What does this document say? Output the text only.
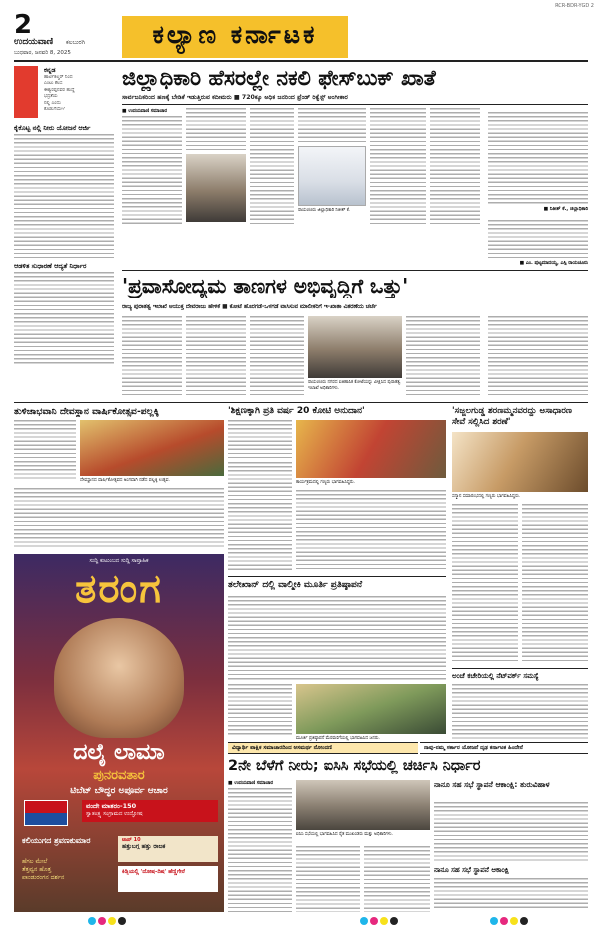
RCR-BDR-YGD 2
2
ಉದಯವಾಣಿ ಕಲಬುರಗಿ
ಬುಧವಾರ, ಜನವರಿ 8, 2025
ಕಲ್ಯಾಣ ಕರ್ನಾಟಕ
ಕನ್ನಡ
ಹಾರ್ಟಿಕಲ್ಚರ್ ನಿಂದ
ಎಂಟು ಕೆಲಸ
ಈಶ್ವರಪ್ಪನವರ ಹುದ್ದೆ
ಭದ್ರತೆಯ
ನಲ್ಲಿ ಎಂದು
ಕೊಡುಗೆಯೇ?
ಜಿಲ್ಲಾಧಿಕಾರಿ ಹೆಸರಲ್ಲೇ ನಕಲಿ ಫೇಸ್‌ಬುಕ್ ಖಾತೆ
ಸಾರ್ವಜನಿಕರಿಂದ ಹಣಕ್ಕೆ ಬೇಡಿಕೆ ಇಡುತ್ತಿರುವ ಕದೀಮರು ■ 720ಕ್ಕೂ ಅಧಿಕ ಜನರಿಂದ ಫ್ರೆಂಡ್ ರಿಕ್ವೆಸ್ಟ್ ಅಂಗೀಕಾರ
ಕೈಕೊಟ್ಟ ನಲ್ಲಿ ನೀರು ಯೋಜನೆ ಆರ್ಜಿ
ಆಡಳಿತ ಸುಧಾರಣೆ ಆದ್ಯತೆ ನಿರ್ಧಾರ
■ ಉದಯವಾಣಿ ಸಮಾಚಾರ
ರಾಯಚೂರು ಜಿಲ್ಲಾಧಿಕಾರಿ ನಿತೀಶ್ ಕೆ.	■ ನಿತೀಶ್ ಕೆ., ಜಿಲ್ಲಾಧಿಕಾರಿ
■ ಎಂ. ಪುಟ್ಟಮಾದಯ್ಯ, ಎಸ್ಪಿ ರಾಯಚೂರು
'ಪ್ರವಾಸೋದ್ಯಮ ತಾಣಗಳ ಅಭಿವೃದ್ಧಿಗೆ ಒತ್ತು'
ರಾಜ್ಯ ಪುರಾತತ್ವ ಇಲಾಖೆ ಆಯುಕ್ತ ದೇವರಾಜು ಹೇಳಿಕೆ ■ ಕೋಟೆ ಹೊರಗಡೆ-ಒಳಗಡೆ ವಾಸಿಸುವ ಮಾಲೀಕರಿಗೆ ಇ-ಖಾತಾ ವಿತರಣೆಯ ಚರ್ಚೆ
ರಾಯಚೂರು ನಗರದ ಐತಿಹಾಸಿಕ ಕೋಟೆಯನ್ನು ವೀಕ್ಷಿಸಿದ ಪುರಾತತ್ವ ಇಲಾಖೆ ಅಧಿಕಾರಿಗಳು.
ತುಳಿಜಾಭವಾನಿ ದೇವಸ್ಥಾನ ವಾರ್ಷಿಕೋತ್ಸವ-ಪಲ್ಲಕ್ಕಿ
ದೇವಸ್ಥಾನದ ವಾರ್ಷಿಕೋತ್ಸವದ ಅಂಗವಾಗಿ ನಡೆದ ಪಲ್ಲಕ್ಕಿ ಉತ್ಸವ.
'ಶಿಕ್ಷಣಕ್ಕಾಗಿ ಪ್ರತಿ ವರ್ಷ 20 ಕೋಟಿ ಅನುದಾನ'
ಕಾರ್ಯಕ್ರಮದಲ್ಲಿ ಗಣ್ಯರು ಭಾಗವಹಿಸಿದ್ದರು.
'ಸಜ್ಜಲಗುಡ್ಡ ಶರಣಮ್ಮನವರದ್ದು ಅಸಾಧಾರಣ ಸೇವೆ ಸಲ್ಲಿಸಿದ ಶರಣೆ'
ಸನ್ಮಾನ ಸಮಾರಂಭದಲ್ಲಿ ಗಣ್ಯರು ಭಾಗವಹಿಸಿದ್ದರು.
ತಲೇಖಾನ್ ದಲ್ಲಿ ವಾಲ್ಮೀಕಿ ಮೂರ್ತಿ ಪ್ರತಿಷ್ಠಾಪನೆ
ಮೂರ್ತಿ ಪ್ರತಿಷ್ಠಾಪನೆ ಮೆರವಣಿಗೆಯಲ್ಲಿ ಭಾಗವಹಿಸಿದ ಜನರು.
ಅಂಚೆ ಕಚೇರಿಯಲ್ಲಿ ನೆಟ್‌ವರ್ಕ್ ಸಮಸ್ಯೆ
ಸುದ್ದಿ ಕುಟುಂಬದ ಸುದ್ದಿ ಸಾಪ್ತಾಹಿಕ
ತರಂಗ
ದಲೈ ಲಾಮಾ
ಪುನರವತಾರ
ಟಿಬೆಟ್ ಬೌದ್ಧರ ಅಪೂರ್ವ ಆಚಾರ
ವಂದೇ ಮಾತರಂ-150
ಸ್ವಾತಂತ್ರ್ಯ ಸಂಗ್ರಾಮದ ಉದ್ಘೋಷ
ಕಲಿಯುಗದ ಶ್ರವಣಕುಮಾರ
ಹೆಗಲ ಮೇಲೆ
ತೆತ್ತವ್ವನ ಹೊತ್ತ
ಪಾಂಡುರಂಗನ ದರ್ಶನ
ಟಾಪ್ 10
ಹತ್ತುಬಗ್ಗ ಹತ್ತು ರಾಜಕ
ಕಿಡ್ನಿಯಲ್ಲಿ 'ದೋಷ-ದಿಷ' ಹೆಣ್ಣಿಗೇರೆ
ವಿದ್ಯಾರ್ಥಿ ಪಾಕ್ಷಿಕ ಸಮಾಚಾರದಿಂದ ಅಸಮರ್ಥ ನೋಂದಣಿ	ನಾವು-ನಮ್ಮ ಸರ್ಕಾರ ಯೋಜನೆ ದೃಢ ಕರ್ನಾಟಕ ಹಿಂದೇನೆ
2ನೇ ಬೆಳೆಗೆ ನೀರು; ಐಸಿಸಿ ಸಭೆಯಲ್ಲಿ ಚರ್ಚಿಸಿ ನಿರ್ಧಾರ
■ ಉದಯವಾಣಿ ಸಮಾಚಾರ
ಐಸಿಸಿ ಸಭೆಯಲ್ಲಿ ಭಾಗವಹಿಸಿದ ರೈತ ಮುಖಂಡರು ಮತ್ತು ಅಧಿಕಾರಿಗಳು.
ನಾನೂ ಸಹ ಸಭೆ ಸ್ಥಾಪನೆ ಆಕಾಂಕ್ಷಿ: ತುರುವಿಹಾಳ
ನಾನೂ ಸಹ ಸಭೆ ಸ್ಥಾಪನೆ ಆಕಾಂಕ್ಷಿ
